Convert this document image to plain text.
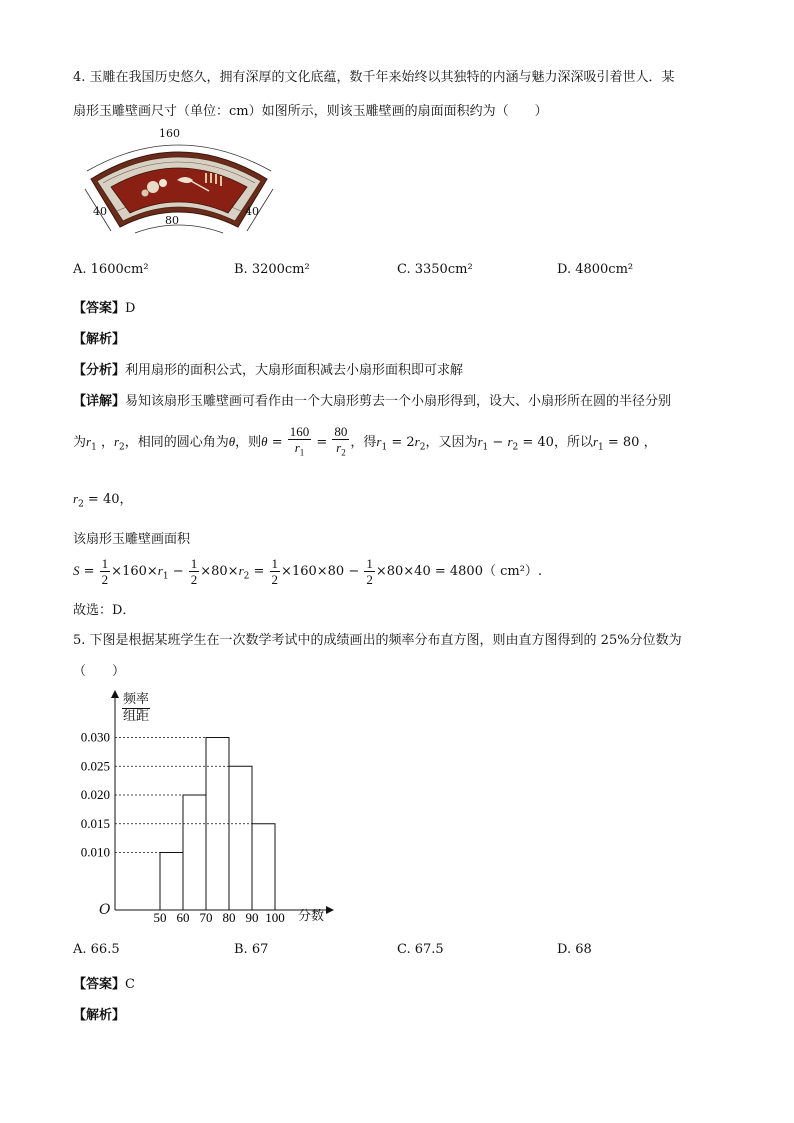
4. 玉雕在我国历史悠久，拥有深厚的文化底蕴，数千年来始终以其独特的内涵与魅力深深吸引着世人．某
扇形玉雕壁画尺寸（单位：cm）如图所示，则该玉雕壁画的扇面面积约为（　　）
160
40
80
40
A. 1600cm²	B. 3200cm²	C. 3350cm²	D. 4800cm²
【答案】D
【解析】
【分析】利用扇形的面积公式，大扇形面积减去小扇形面积即可求解
【详解】易知该扇形玉雕壁画可看作由一个大扇形剪去一个小扇形得到，设大、小扇形所在圆的半径分别
为$r_1$ ，$r_2$，相同的圆心角为θ，则$\theta = \frac{160}{r_1} = \frac{80}{r_2}$ ，得$r_1 = 2r_2$，又因为$r_1 - r_2 = 40$，所以$r_1 = 80$ ，
$r_2 = 40$，
该扇形玉雕壁画面积
$S = \frac{1}{2} \times 160\times r_1 - \frac{1}{2} \times 80\times r_2 = \frac{1}{2} \times 160\times 80 - \frac{1}{2} \times 80\times 40 = 4800$（ cm²）.
故选：D．
5. 下图是根据某班学生在一次数学考试中的成绩画出的频率分布直方图，则由直方图得到的 25%分位数为
（　　）
0.010
0.015
0.020
0.025
0.030
50 60 70 80 90 100
频率
组距
O	分数
A. 66.5	B. 67	C. 67.5	D. 68
【答案】C
【解析】
